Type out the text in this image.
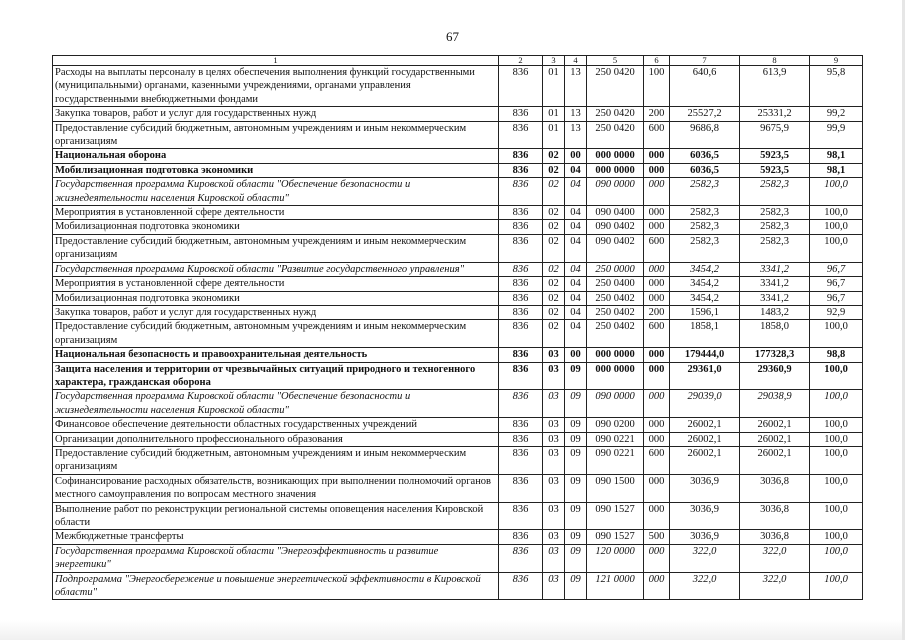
67
1	2	3	4	5	6	7	8	9
Расходы на выплаты персоналу в целях обеспечения выполнения функций государственными (муниципальными) органами, казенными учреждениями, органами управления государственными внебюджетными фондами	836	01	13	250 0420	100	640,6	613,9	95,8
Закупка товаров, работ и услуг для государственных нужд	836	01	13	250 0420	200	25527,2	25331,2	99,2
Предоставление субсидий бюджетным, автономным учреждениям и иным некоммерческим организациям	836	01	13	250 0420	600	9686,8	9675,9	99,9
Национальная оборона	836	02	00	000 0000	000	6036,5	5923,5	98,1
Мобилизационная подготовка экономики	836	02	04	000 0000	000	6036,5	5923,5	98,1
Государственная программа Кировской области "Обеспечение безопасности и жизнедеятельности населения Кировской области"	836	02	04	090 0000	000	2582,3	2582,3	100,0
Мероприятия в установленной сфере деятельности	836	02	04	090 0400	000	2582,3	2582,3	100,0
Мобилизационная подготовка экономики	836	02	04	090 0402	000	2582,3	2582,3	100,0
Предоставление субсидий бюджетным, автономным учреждениям и иным некоммерческим организациям	836	02	04	090 0402	600	2582,3	2582,3	100,0
Государственная программа Кировской области "Развитие государственного управления"	836	02	04	250 0000	000	3454,2	3341,2	96,7
Мероприятия в установленной сфере деятельности	836	02	04	250 0400	000	3454,2	3341,2	96,7
Мобилизационная подготовка экономики	836	02	04	250 0402	000	3454,2	3341,2	96,7
Закупка товаров, работ и услуг для государственных нужд	836	02	04	250 0402	200	1596,1	1483,2	92,9
Предоставление субсидий бюджетным, автономным учреждениям и иным некоммерческим организациям	836	02	04	250 0402	600	1858,1	1858,0	100,0
Национальная безопасность и правоохранительная деятельность	836	03	00	000 0000	000	179444,0	177328,3	98,8
Защита населения и территории от чрезвычайных ситуаций природного и техногенного характера, гражданская оборона	836	03	09	000 0000	000	29361,0	29360,9	100,0
Государственная программа Кировской области "Обеспечение безопасности и жизнедеятельности населения Кировской области"	836	03	09	090 0000	000	29039,0	29038,9	100,0
Финансовое обеспечение деятельности областных государственных учреждений	836	03	09	090 0200	000	26002,1	26002,1	100,0
Организации дополнительного профессионального образования	836	03	09	090 0221	000	26002,1	26002,1	100,0
Предоставление субсидий бюджетным, автономным учреждениям и иным некоммерческим организациям	836	03	09	090 0221	600	26002,1	26002,1	100,0
Софинансирование расходных обязательств, возникающих при выполнении полномочий органов местного самоуправления по вопросам местного значения	836	03	09	090 1500	000	3036,9	3036,8	100,0
Выполнение работ по реконструкции региональной системы оповещения населения Кировской области	836	03	09	090 1527	000	3036,9	3036,8	100,0
Межбюджетные трансферты	836	03	09	090 1527	500	3036,9	3036,8	100,0
Государственная программа Кировской области "Энергоэффективность и развитие энергетики"	836	03	09	120 0000	000	322,0	322,0	100,0
Подпрограмма "Энергосбережение и повышение энергетической эффективности в Кировской области"	836	03	09	121 0000	000	322,0	322,0	100,0
